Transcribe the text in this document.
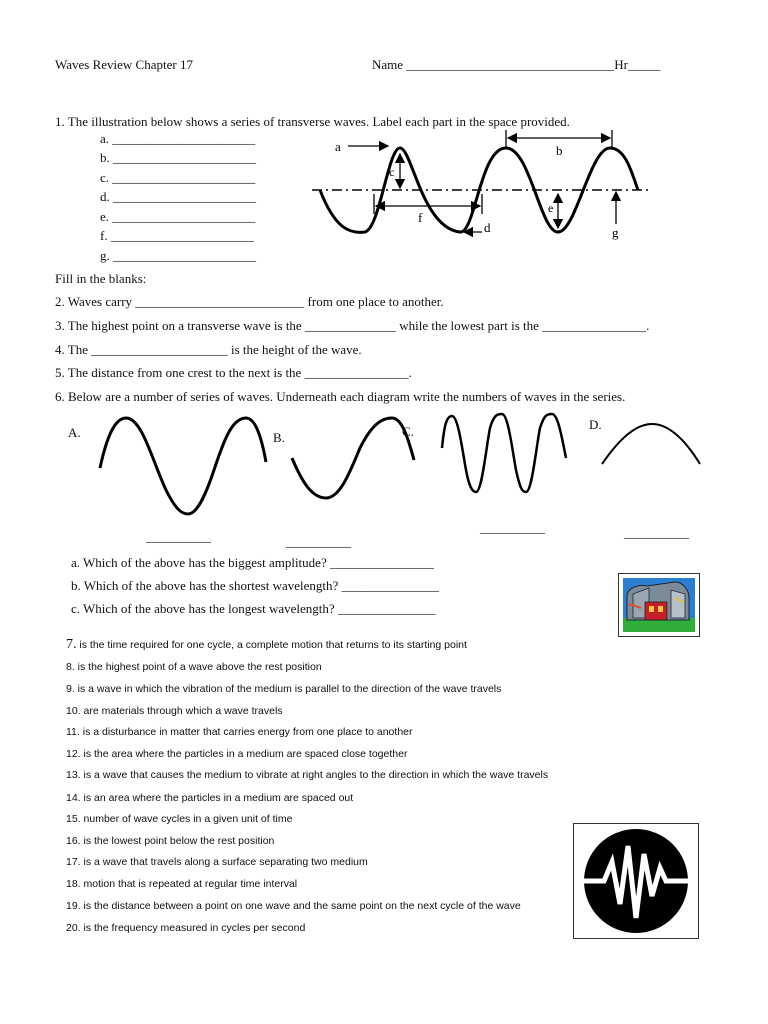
Waves Review Chapter 17	Name ________________________________Hr_____
1. The illustration below shows a series of transverse waves. Label each part in the space provided.
a. ______________________
b. ______________________
c. ______________________
d. ______________________
e. ______________________
f. ______________________
g. ______________________
a
c
b
f
d
e
g
Fill in the blanks:
2. Waves carry __________________________ from one place to another.
3. The highest point on a transverse wave is the ______________ while the lowest part is the ________________.
4. The _____________________ is the height of the wave.
5. The distance from one crest to the next is the ________________.
6. Below are a number of series of waves. Underneath each diagram write the numbers of waves in the series.
A.
__________
B.
__________
C.
__________
D.
__________
a. Which of the above has the biggest amplitude? ________________
b. Which of the above has the shortest wavelength? _______________
c. Which of the above has the longest wavelength? _______________
7. is the time required for one cycle, a complete motion that returns to its starting point
8. is the highest point of a wave above the rest position
9. is a wave in which the vibration of the medium is parallel to the direction of the wave travels
10. are materials through which a wave travels
11. is a disturbance in matter that carries energy from one place to another
12. is the area where the particles in a medium are spaced close together
13. is a wave that causes the medium to vibrate at right angles to the direction in which the wave travels
14. is an area where the particles in a medium are spaced out
15. number of wave cycles in a given unit of time
16. is the lowest point below the rest position
17. is a wave that travels along a surface separating two medium
18. motion that is repeated at regular time interval
19. is the distance between a point on one wave and the same point on the next cycle of the wave
20. is the frequency measured in cycles per second
